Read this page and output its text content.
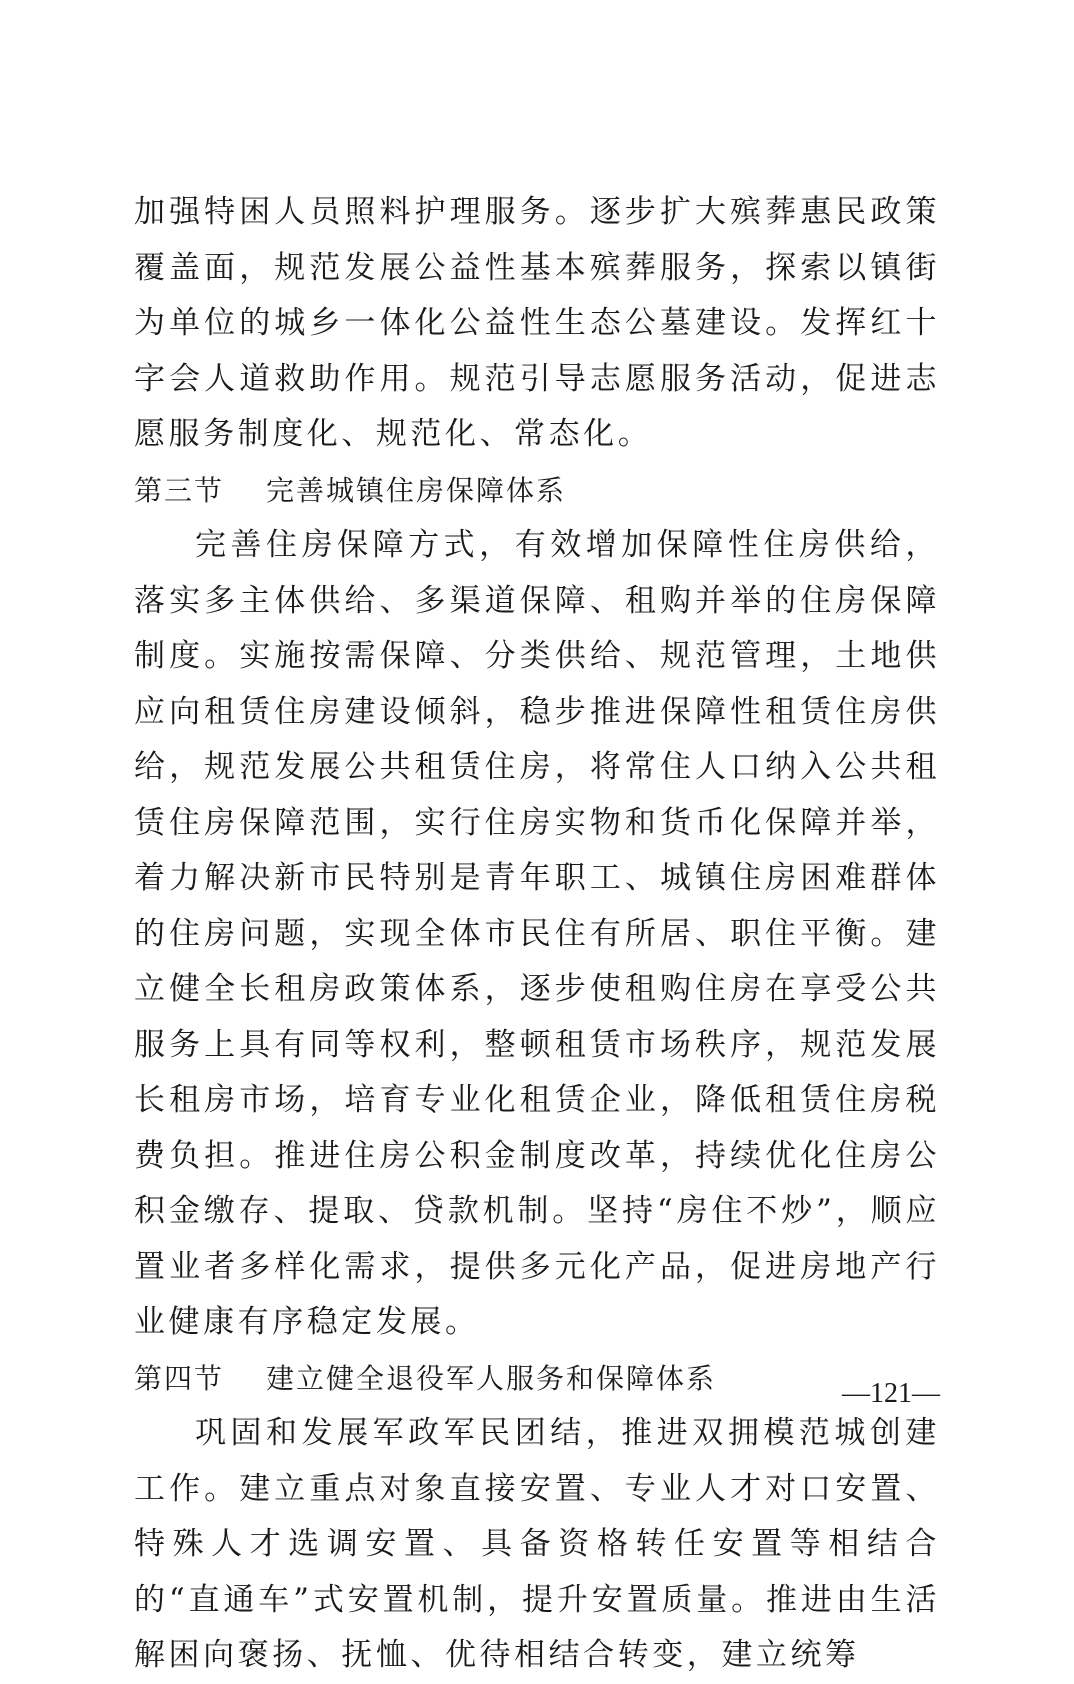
加强特困人员照料护理服务。逐步扩大殡葬惠民政策覆盖面，规范发展公益性基本殡葬服务，探索以镇街为单位的城乡一体化公益性生态公墓建设。发挥红十字会人道救助作用。规范引导志愿服务活动，促进志愿服务制度化、规范化、常态化。

第三节 完善城镇住房保障体系

完善住房保障方式，有效增加保障性住房供给，落实多主体供给、多渠道保障、租购并举的住房保障制度。实施按需保障、分类供给、规范管理，土地供应向租赁住房建设倾斜，稳步推进保障性租赁住房供给，规范发展公共租赁住房，将常住人口纳入公共租赁住房保障范围，实行住房实物和货币化保障并举，着力解决新市民特别是青年职工、城镇住房困难群体的住房问题，实现全体市民住有所居、职住平衡。建立健全长租房政策体系，逐步使租购住房在享受公共服务上具有同等权利，整顿租赁市场秩序，规范发展长租房市场，培育专业化租赁企业，降低租赁住房税费负担。推进住房公积金制度改革，持续优化住房公积金缴存、提取、贷款机制。坚持“房住不炒”，顺应置业者多样化需求，提供多元化产品，促进房地产行业健康有序稳定发展。

第四节 建立健全退役军人服务和保障体系

巩固和发展军政军民团结，推进双拥模范城创建工作。建立重点对象直接安置、专业人才对口安置、特殊人才选调安置、具备资格转任安置等相结合的“直通车”式安置机制，提升安置质量。推进由生活解困向褒扬、抚恤、优待相结合转变，建立统筹

—121—
